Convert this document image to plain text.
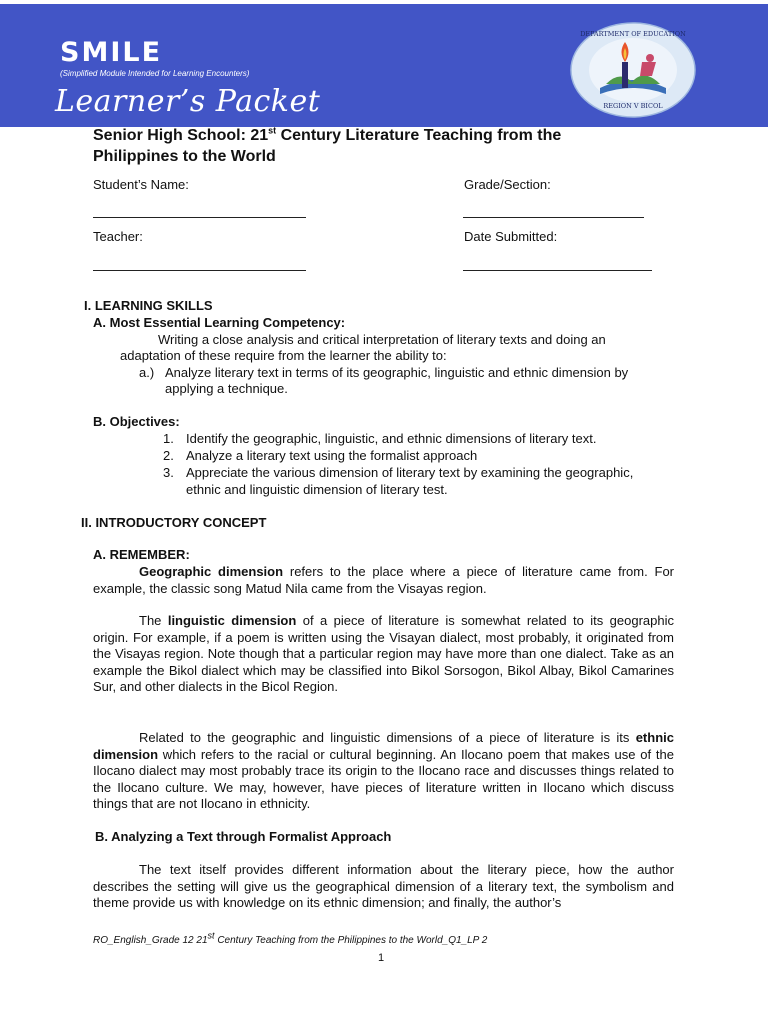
SMILE
(Simplified Module Intended for Learning Encounters)
Learner’s Packet	REGION V BICOL
DEPARTMENT OF EDUCATION
Senior High School: 21st Century Literature Teaching from the
Philippines to the World
Student’s Name:	Grade/Section:
Teacher:	Date Submitted:
I. LEARNING SKILLS
A. Most Essential Learning Competency:
Writing a close analysis and critical interpretation of literary texts and doing an
adaptation of these require from the learner the ability to:
a.) Analyze literary text in terms of its geographic, linguistic and ethnic dimension by
applying a technique.
B. Objectives:
1. Identify the geographic, linguistic, and ethnic dimensions of literary text.
2. Analyze a literary text using the formalist approach
3. Appreciate the various dimension of literary text by examining the geographic,
ethnic and linguistic dimension of literary test.
II. INTRODUCTORY CONCEPT
A. REMEMBER:
Geographic dimension refers to the place where a piece of literature came from. For example, the classic song Matud Nila came from the Visayas region.
The linguistic dimension of a piece of literature is somewhat related to its geographic origin. For example, if a poem is written using the Visayan dialect, most probably, it originated from the Visayas region. Note though that a particular region may have more than one dialect. Take as an example the Bikol dialect which may be classified into Bikol Sorsogon, Bikol Albay, Bikol Camarines Sur, and other dialects in the Bicol Region.
Related to the geographic and linguistic dimensions of a piece of literature is its ethnic dimension which refers to the racial or cultural beginning. An Ilocano poem that makes use of the Ilocano dialect may most probably trace its origin to the Ilocano race and discusses things related to the Ilocano culture. We may, however, have pieces of literature written in Ilocano which discuss things that are not Ilocano in ethnicity.
B. Analyzing a Text through Formalist Approach
The text itself provides different information about the literary piece, how the author describes the setting will give us the geographical dimension of a literary text, the symbolism and theme provide us with knowledge on its ethnic dimension; and finally, the author’s
RO_English_Grade 12 21st Century Teaching from the Philippines to the World_Q1_LP 2
1
